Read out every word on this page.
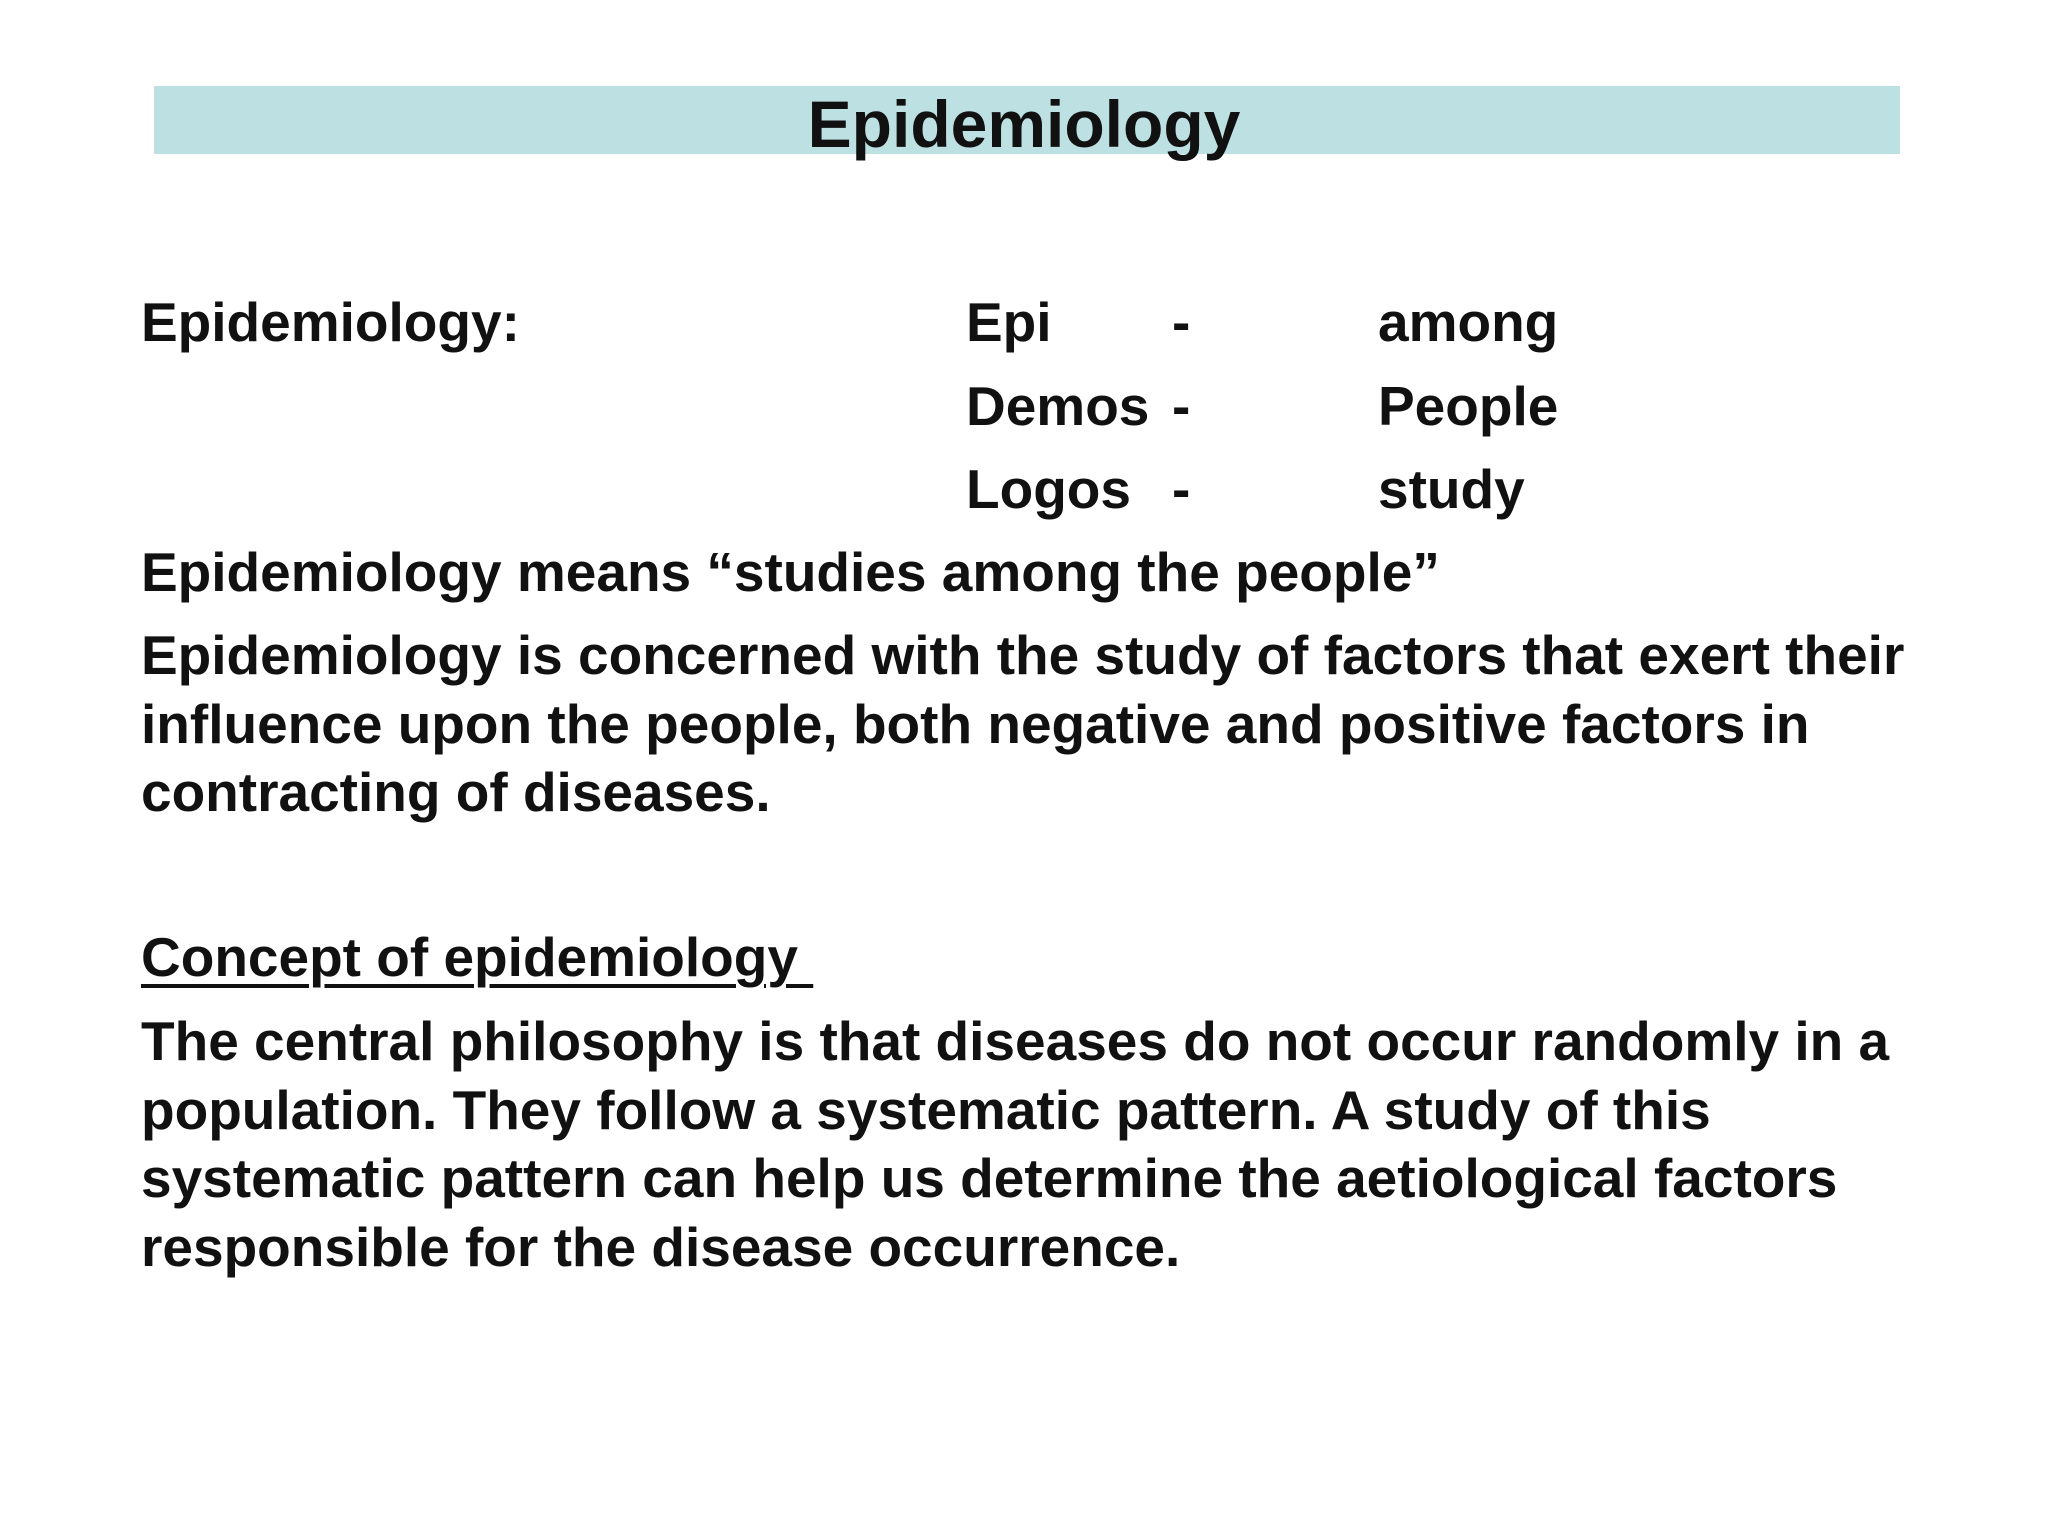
Epidemiology
Epidemiology:	Epi -	among
Demos -	People
Logos -	study
Epidemiology means “studies among the people”
Epidemiology is concerned with the study of factors that exert their influence upon the people, both negative and positive factors in contracting of diseases.
Concept of epidemiology
The central philosophy is that diseases do not occur randomly in a population. They follow a systematic pattern. A study of this systematic pattern can help us determine the aetiological factors responsible for the disease occurrence.
